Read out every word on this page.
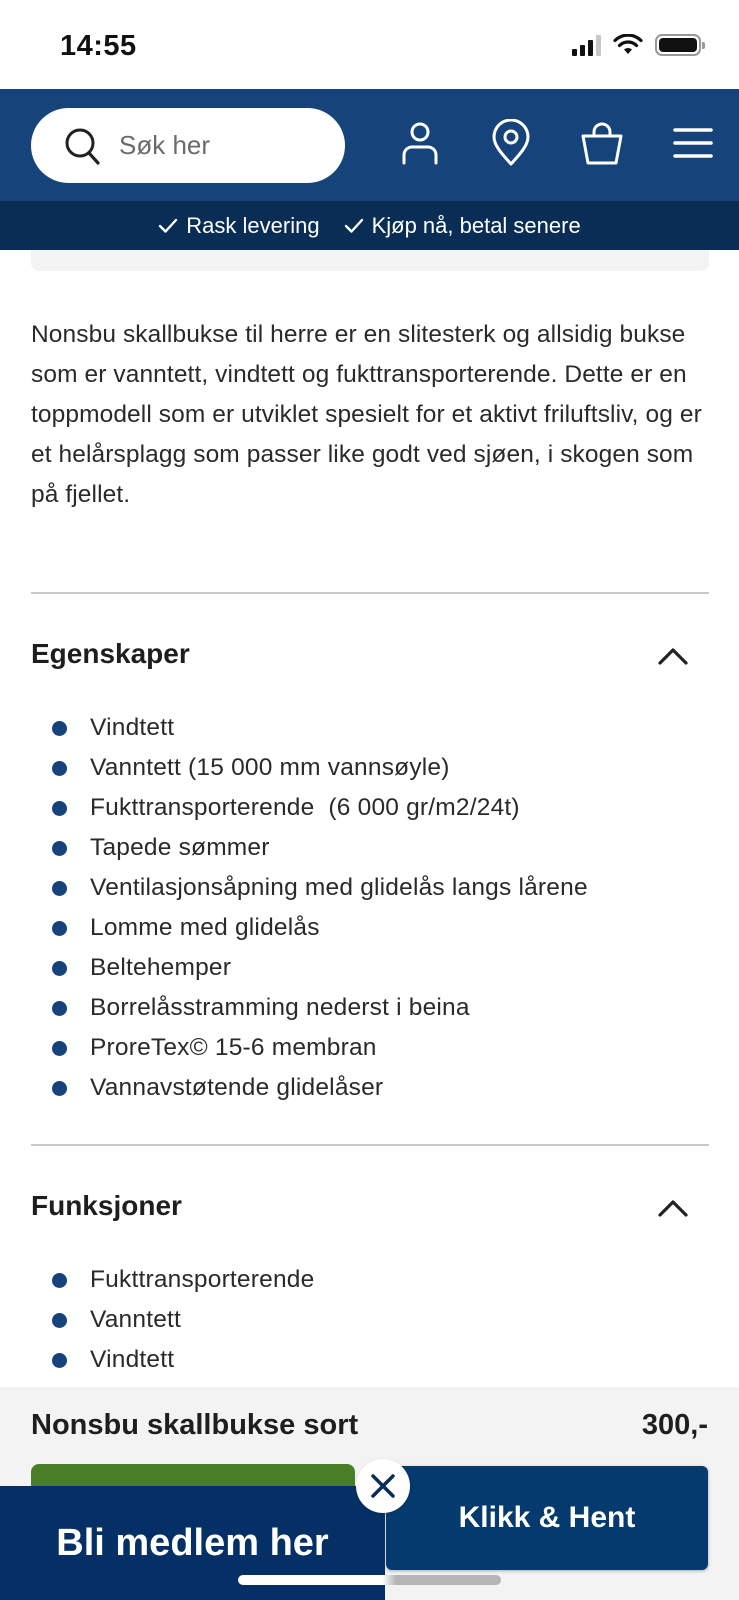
14:55
Søk her
Rask levering Kjøp nå, betal senere

Nonsbu skallbukse til herre er en slitesterk og allsidig bukse som er vanntett, vindtett og fukttransporterende. Dette er en toppmodell som er utviklet spesielt for et aktivt friluftsliv, og er et helårsplagg som passer like godt ved sjøen, i skogen som på fjellet.

Egenskaper
Vindtett
Vanntett (15 000 mm vannsøyle)
Fukttransporterende  (6 000 gr/m2/24t)
Tapede sømmer
Ventilasjonsåpning med glidelås langs lårene
Lomme med glidelås
Beltehemper
Borrelåsstramming nederst i beina
ProreTex© 15-6 membran
Vannavstøtende glidelåser
Funksjoner
Fukttransporterende
Vanntett
Vindtett
Nonsbu skallbukse sort	300,-
Klikk & Hent
Bli medlem her
